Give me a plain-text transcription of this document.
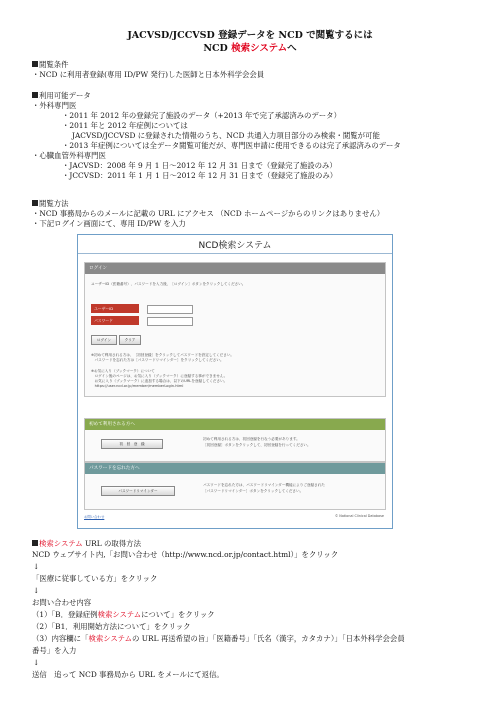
JACVSD/JCCVSD 登録データを NCD で閲覧するには
NCD 検索システムへ
閲覧条件
・NCD に利用者登録(専用 ID/PW 発行)した医師と日本外科学会会員
利用可能データ
・外科専門医
・2011 年 2012 年の登録完了施設のデータ（+2013 年で完了承認済みのデータ）
・2011 年と 2012 年症例については
JACVSD/JCCVSD に登録された情報のうち、NCD 共通入力項目部分のみ検索・閲覧が可能
・2013 年症例については全データ閲覧可能だが、専門医申請に使用できるのは完了承認済みのデータ
・心臓血管外科専門医
・JACVSD：2008 年 9 月 1 日〜2012 年 12 月 31 日まで（登録完了施設のみ）
・JCCVSD：2011 年 1 月 1 日〜2012 年 12 月 31 日まで（登録完了施設のみ）
閲覧方法
・NCD 事務局からのメールに記載の URL にアクセス （NCD ホームページからのリンクはありません）
・下記ログイン画面にて、専用 ID/PW を入力
NCD検索システム
ログイン
ユーザーID（医籍番号）、パスワードを入力後、［ログイン］ボタンをクリックしてください。
ユーザーID
パスワード
ログイン	クリア
※初めて利用される方は、［初回登録］をクリックしてパスワードを設定してください。
　パスワードを忘れた方は［パスワードリマインダー］をクリックしてください。
※お気に入り（ブックマーク）について
　ログイン後のページは、お気に入り（ブックマーク）に登録する事ができません。
　お気に入り（ブックマーク）に追加する場合は、以下のURLを登録してください。
　https://user.ncd.or.jp/member/memberLogin.html
初めて利用される方へ
初　回　登　録
初めて利用される方は、初回登録を行なう必要があります。
［初回登録］ボタンをクリックして、初回登録を行ってください。
パスワードを忘れた方へ
パスワードリマインダー
パスワードを忘れた方は、パスワードリマインダー機能によりご登録された
［パスワードリマインダー］ボタンをクリックしてください。
お問い合わせ	© National Clinical Database
検索システム URL の取得方法
NCD ウェブサイト内,「お問い合わせ（http://www.ncd.or.jp/contact.html）」をクリック
↓
「医療に従事している方」をクリック
↓
お問い合わせ内容
（1）「B．登録症例検索システムについて」をクリック
（2）「B1．利用開始方法について」をクリック
（3）内容欄に「検索システムの URL 再送希望の旨」「医籍番号」「氏名（漢字，カタカナ）」「日本外科学会会員
番号」を入力
↓
送信　追って NCD 事務局から URL をメールにて返信。
